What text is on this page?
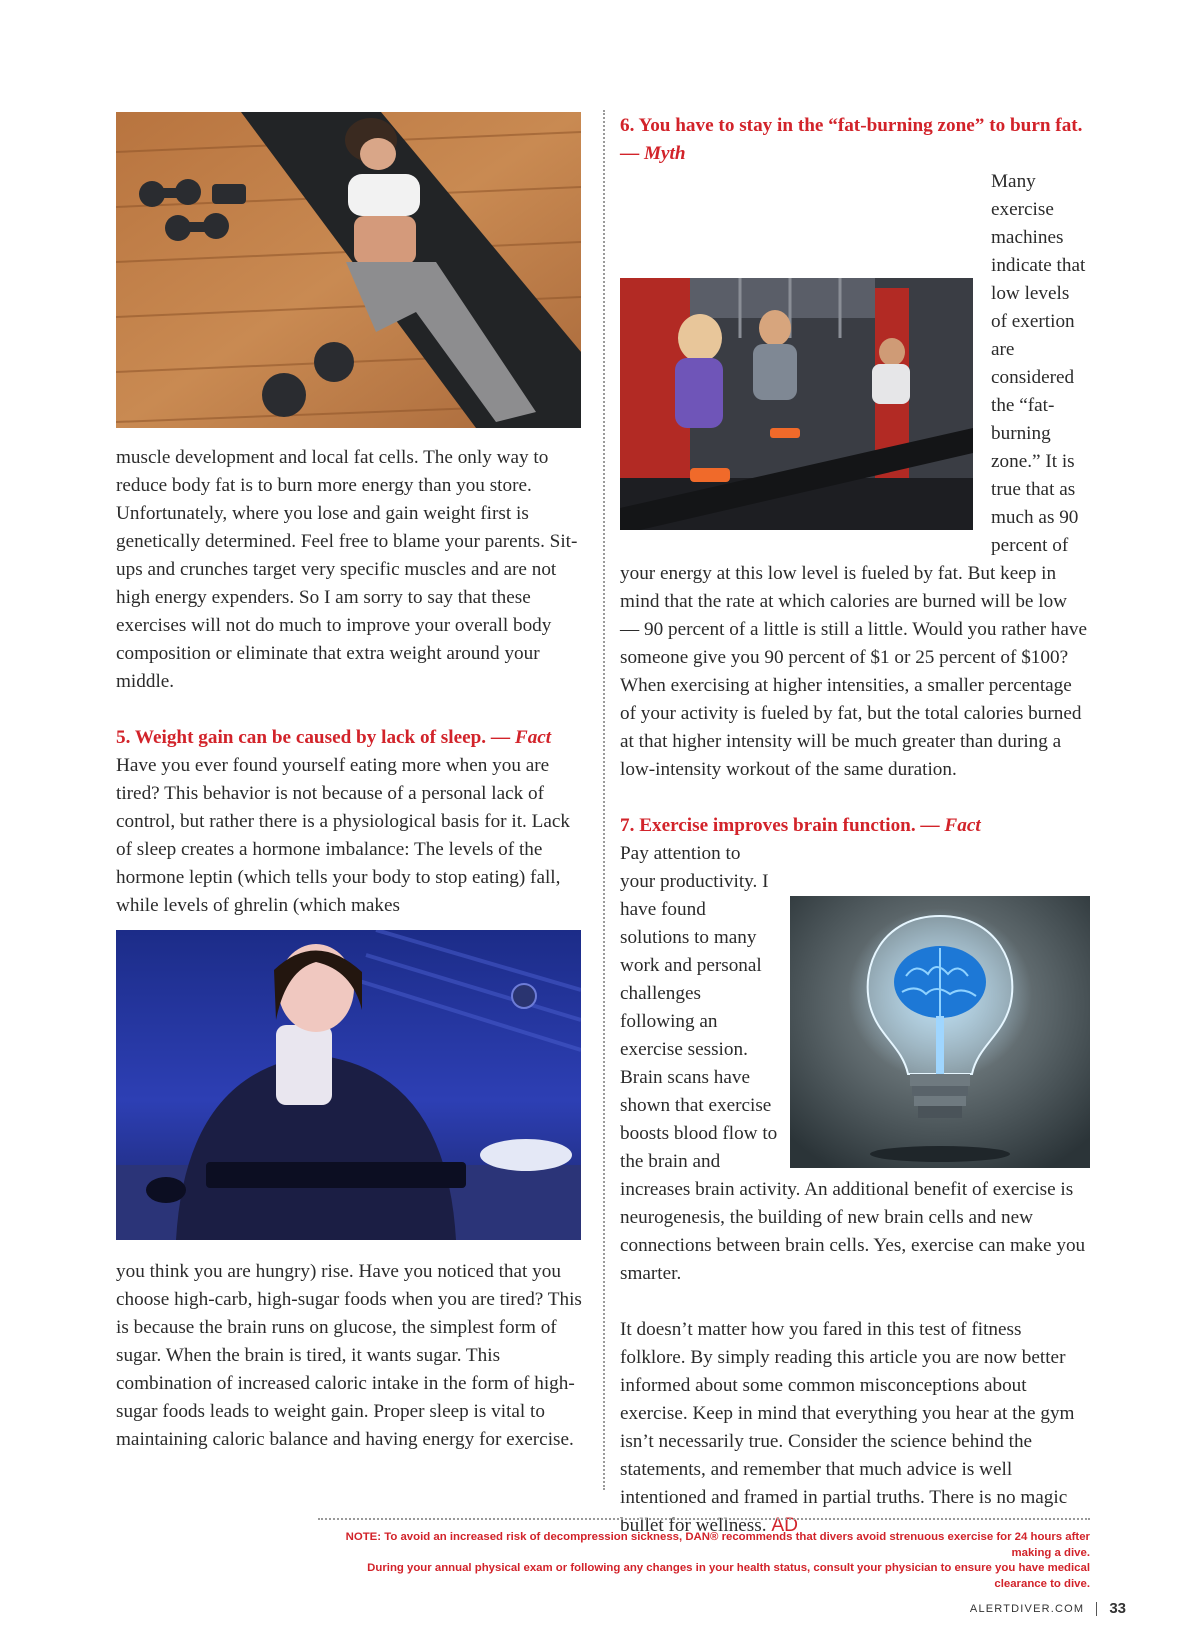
muscle development and local fat cells. The only way to reduce body fat is to burn more energy than you store. Unfortunately, where you lose and gain weight first is genetically determined. Feel free to blame your parents. Sit-ups and crunches target very specific muscles and are not high energy expenders. So I am sorry to say that these exercises will not do much to improve your overall body composition or eliminate that extra weight around your middle.

5. Weight gain can be caused by lack of sleep. — Fact

Have you ever found yourself eating more when you are tired? This behavior is not because of a personal lack of control, but rather there is a physiological basis for it. Lack of sleep creates a hormone imbalance: The levels of the hormone leptin (which tells your body to stop eating) fall, while levels of ghrelin (which makes

you think you are hungry) rise. Have you noticed that you choose high-carb, high-sugar foods when you are tired? This is because the brain runs on glucose, the simplest form of sugar. When the brain is tired, it wants sugar. This combination of increased caloric intake in the form of high-sugar foods leads to weight gain. Proper sleep is vital to maintaining caloric balance and having energy for exercise.

6. You have to stay in the “fat-burning zone” to burn fat. — Myth

Many exercise machines indicate that low levels of exertion are considered the “fat-burning zone.” It is true that as much as 90 percent of your energy at this low level is fueled by fat. But keep in mind that the rate at which calories are burned will be low — 90 percent of a little is still a little. Would you rather have someone give you 90 percent of $1 or 25 percent of $100? When exercising at higher intensities, a smaller percentage of your activity is fueled by fat, but the total calories burned at that higher intensity will be much greater than during a low-intensity workout of the same duration.

7. Exercise improves brain function. — Fact

Pay attention to your productivity. I have found solutions to many work and personal challenges following an exercise session. Brain scans have shown that exercise boosts blood flow to the brain and increases brain activity. An additional benefit of exercise is neurogenesis, the building of new brain cells and new connections between brain cells. Yes, exercise can make you smarter.

It doesn’t matter how you fared in this test of fitness folklore. By simply reading this article you are now better informed about some common misconceptions about exercise. Keep in mind that everything you hear at the gym isn’t necessarily true. Consider the science behind the statements, and remember that much advice is well intentioned and framed in partial truths. There is no magic bullet for wellness. AD

NOTE: To avoid an increased risk of decompression sickness, DAN® recommends that divers avoid strenuous exercise for 24 hours after making a dive.
During your annual physical exam or following any changes in your health status, consult your physician to ensure you have medical clearance to dive.
ALERTDIVER.COM 33
